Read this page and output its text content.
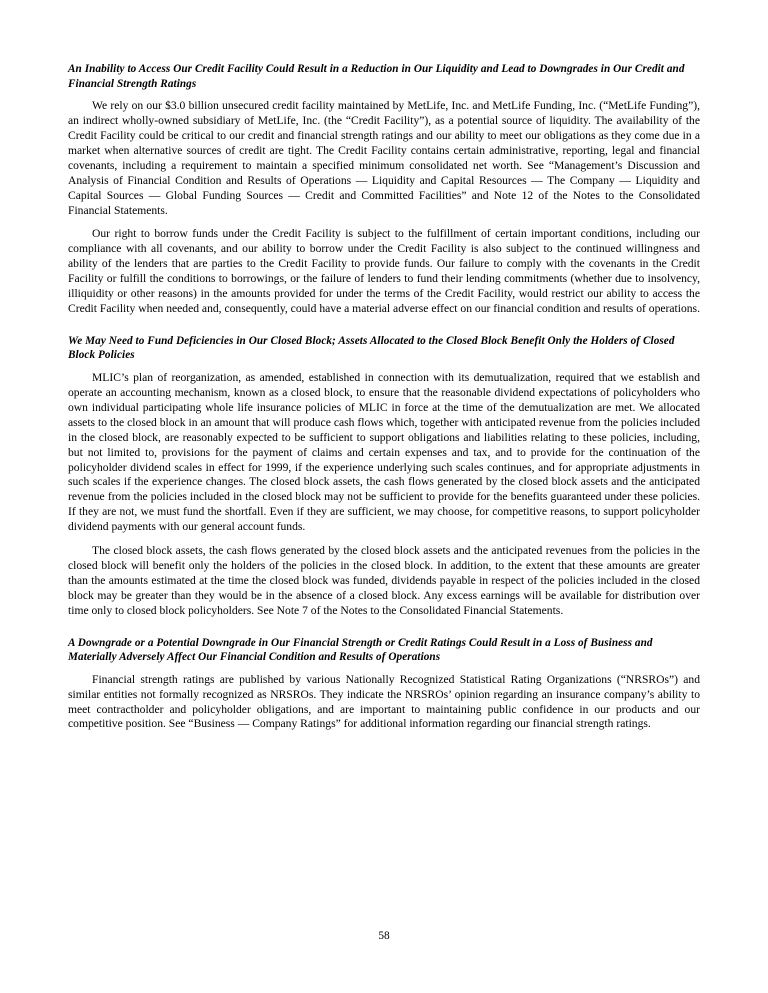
An Inability to Access Our Credit Facility Could Result in a Reduction in Our Liquidity and Lead to Downgrades in Our Credit and Financial Strength Ratings

We rely on our $3.0 billion unsecured credit facility maintained by MetLife, Inc. and MetLife Funding, Inc. (“MetLife Funding”), an indirect wholly-owned subsidiary of MetLife, Inc. (the “Credit Facility”), as a potential source of liquidity. The availability of the Credit Facility could be critical to our credit and financial strength ratings and our ability to meet our obligations as they come due in a market when alternative sources of credit are tight. The Credit Facility contains certain administrative, reporting, legal and financial covenants, including a requirement to maintain a specified minimum consolidated net worth. See “Management’s Discussion and Analysis of Financial Condition and Results of Operations — Liquidity and Capital Resources — The Company — Liquidity and Capital Sources — Global Funding Sources — Credit and Committed Facilities” and Note 12 of the Notes to the Consolidated Financial Statements.

Our right to borrow funds under the Credit Facility is subject to the fulfillment of certain important conditions, including our compliance with all covenants, and our ability to borrow under the Credit Facility is also subject to the continued willingness and ability of the lenders that are parties to the Credit Facility to provide funds. Our failure to comply with the covenants in the Credit Facility or fulfill the conditions to borrowings, or the failure of lenders to fund their lending commitments (whether due to insolvency, illiquidity or other reasons) in the amounts provided for under the terms of the Credit Facility, would restrict our ability to access the Credit Facility when needed and, consequently, could have a material adverse effect on our financial condition and results of operations.

We May Need to Fund Deficiencies in Our Closed Block; Assets Allocated to the Closed Block Benefit Only the Holders of Closed Block Policies

MLIC’s plan of reorganization, as amended, established in connection with its demutualization, required that we establish and operate an accounting mechanism, known as a closed block, to ensure that the reasonable dividend expectations of policyholders who own individual participating whole life insurance policies of MLIC in force at the time of the demutualization are met. We allocated assets to the closed block in an amount that will produce cash flows which, together with anticipated revenue from the policies included in the closed block, are reasonably expected to be sufficient to support obligations and liabilities relating to these policies, including, but not limited to, provisions for the payment of claims and certain expenses and tax, and to provide for the continuation of the policyholder dividend scales in effect for 1999, if the experience underlying such scales continues, and for appropriate adjustments in such scales if the experience changes. The closed block assets, the cash flows generated by the closed block assets and the anticipated revenue from the policies included in the closed block may not be sufficient to provide for the benefits guaranteed under these policies. If they are not, we must fund the shortfall. Even if they are sufficient, we may choose, for competitive reasons, to support policyholder dividend payments with our general account funds.

The closed block assets, the cash flows generated by the closed block assets and the anticipated revenues from the policies in the closed block will benefit only the holders of the policies in the closed block. In addition, to the extent that these amounts are greater than the amounts estimated at the time the closed block was funded, dividends payable in respect of the policies included in the closed block may be greater than they would be in the absence of a closed block. Any excess earnings will be available for distribution over time only to closed block policyholders. See Note 7 of the Notes to the Consolidated Financial Statements.

A Downgrade or a Potential Downgrade in Our Financial Strength or Credit Ratings Could Result in a Loss of Business and Materially Adversely Affect Our Financial Condition and Results of Operations

Financial strength ratings are published by various Nationally Recognized Statistical Rating Organizations (“NRSROs”) and similar entities not formally recognized as NRSROs. They indicate the NRSROs’ opinion regarding an insurance company’s ability to meet contractholder and policyholder obligations, and are important to maintaining public confidence in our products and our competitive position. See “Business — Company Ratings” for additional information regarding our financial strength ratings.

58
